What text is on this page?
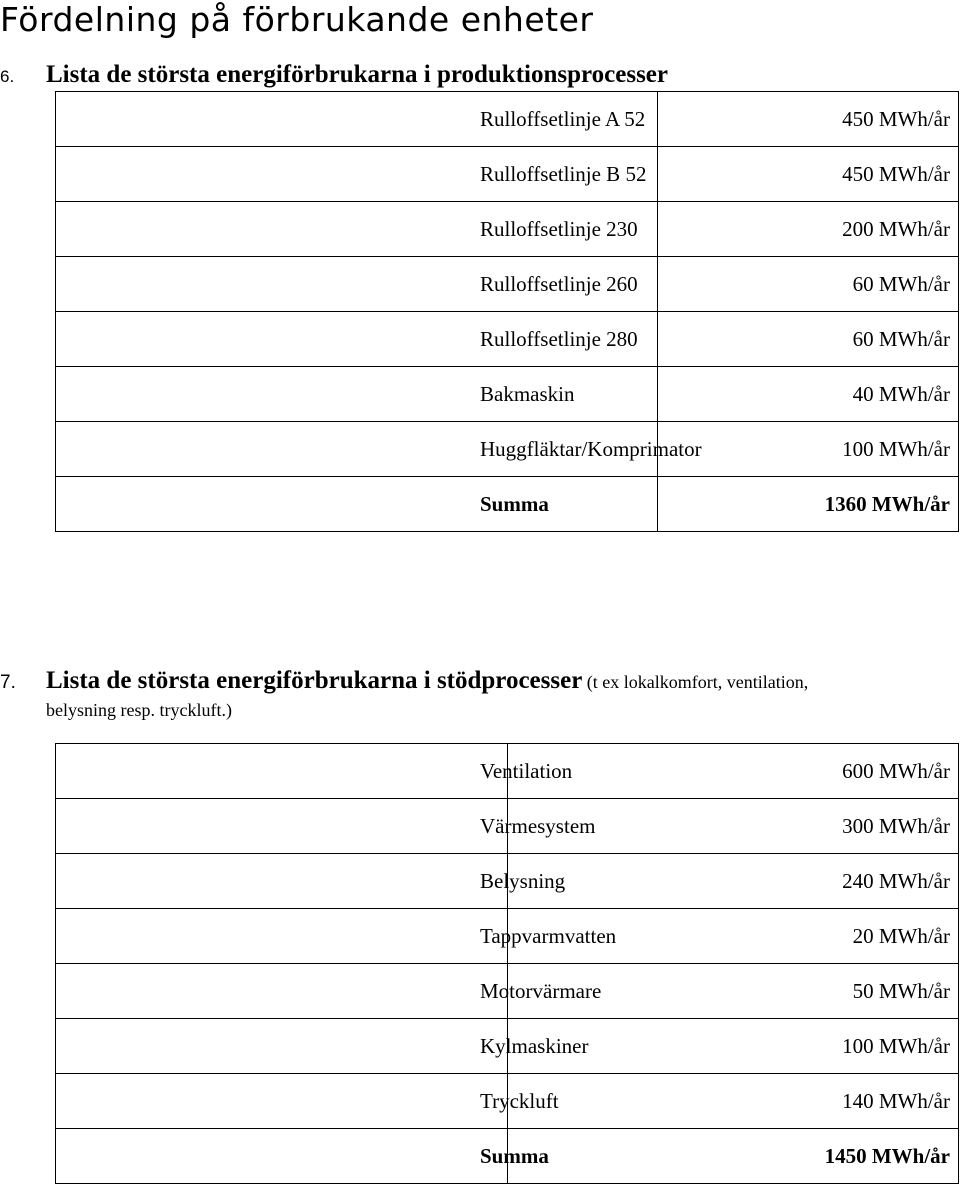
Fördelning på förbrukande enheter
6. Lista de största energiförbrukarna i produktionsprocesser
Rulloffsetlinje A 52	450 MWh/år
Rulloffsetlinje B 52	450 MWh/år
Rulloffsetlinje 230	200 MWh/år
Rulloffsetlinje 260	60 MWh/år
Rulloffsetlinje 280	60 MWh/år
Bakmaskin	40 MWh/år
Huggfläktar/Komprimator	100 MWh/år
Summa	1360 MWh/år
7. Lista de största energiförbrukarna i stödprocesser (t ex lokalkomfort, ventilation,
belysning resp. tryckluft.)
Ventilation	600 MWh/år
Värmesystem	300 MWh/år
Belysning	240 MWh/år
Tappvarmvatten	20 MWh/år
Motorvärmare	50 MWh/år
Kylmaskiner	100 MWh/år
Tryckluft	140 MWh/år
Summa	1450 MWh/år
